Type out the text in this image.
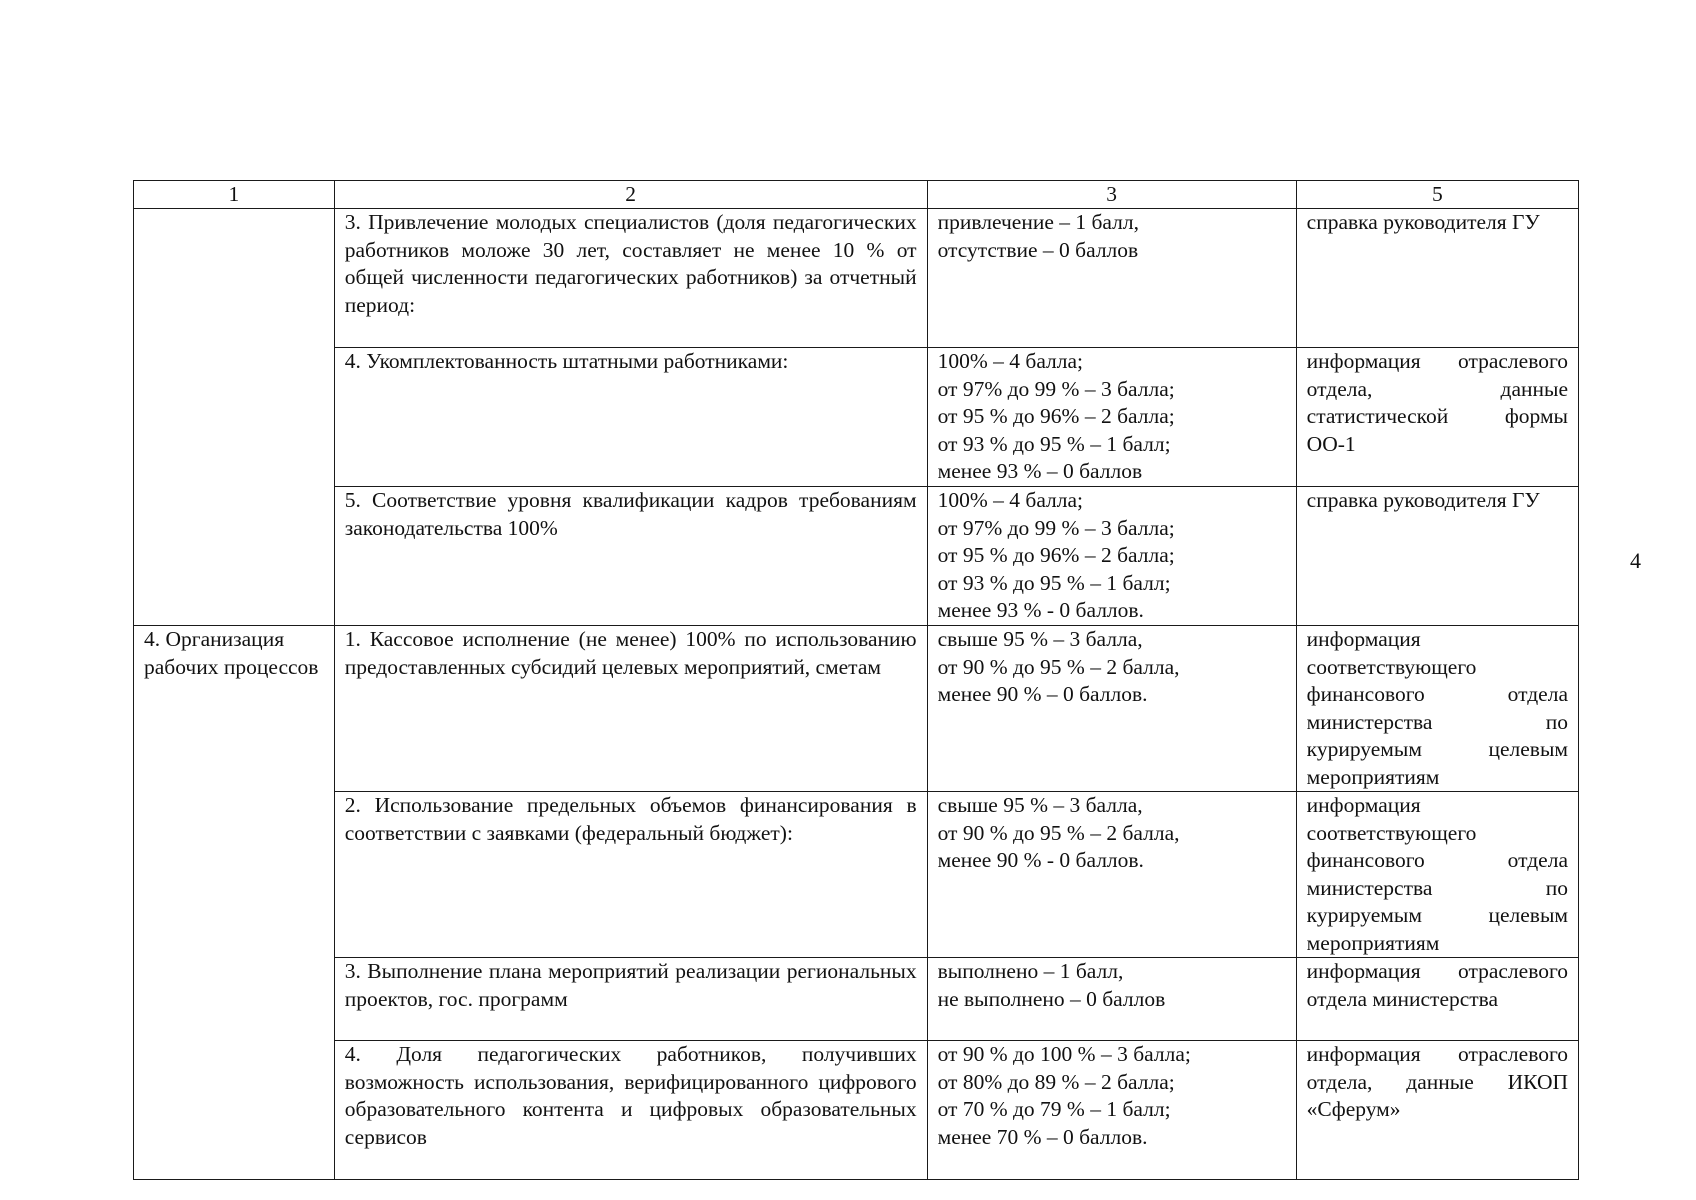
1	2	3	5
	3. Привлечение молодых специалистов (доля педагогических работников моложе 30 лет, составляет не менее 10 % от общей численности педагогических работников) за отчетный период:	привлечение – 1 балл,
отсутствие – 0 баллов	справка руководителя ГУ
	4. Укомплектованность штатными работниками:	100% – 4 балла;
от 97% до 99 % – 3 балла;
от 95 % до 96% – 2 балла;
от 93 % до 95 % – 1 балл;
менее 93 % – 0 баллов	информация отраслевого отдела, данные статистической формы ОО-1
	5. Соответствие уровня квалификации кадров требованиям законодательства 100%	100% – 4 балла;
от 97% до 99 % – 3 балла;
от 95 % до 96% – 2 балла;
от 93 % до 95 % – 1 балл;
менее 93 % - 0 баллов.	справка руководителя ГУ
4. Организация рабочих процессов	1. Кассовое исполнение (не менее) 100% по использованию предоставленных субсидий целевых мероприятий, сметам	свыше 95 % – 3 балла,
от 90 % до 95 % – 2 балла,
менее 90 % – 0 баллов.	информация соответствующего финансового отдела министерства по курируемым целевым мероприятиям
	2. Использование предельных объемов финансирования в соответствии с заявками (федеральный бюджет):	свыше 95 % – 3 балла,
от 90 % до 95 % – 2 балла,
менее 90 % - 0 баллов.	информация соответствующего финансового отдела министерства по курируемым целевым мероприятиям
	3. Выполнение плана мероприятий реализации региональных проектов, гос. программ	выполнено – 1 балл,
не выполнено – 0 баллов	информация отраслевого отдела министерства
	4. Доля педагогических работников, получивших возможность использования, верифицированного цифрового образовательного контента и цифровых образовательных сервисов	от 90 % до 100 % – 3 балла;
от 80% до 89 % – 2 балла;
от 70 % до 79 % – 1 балл;
менее 70 % – 0 баллов.	информация отраслевого отдела, данные ИКОП «Сферум»
4
